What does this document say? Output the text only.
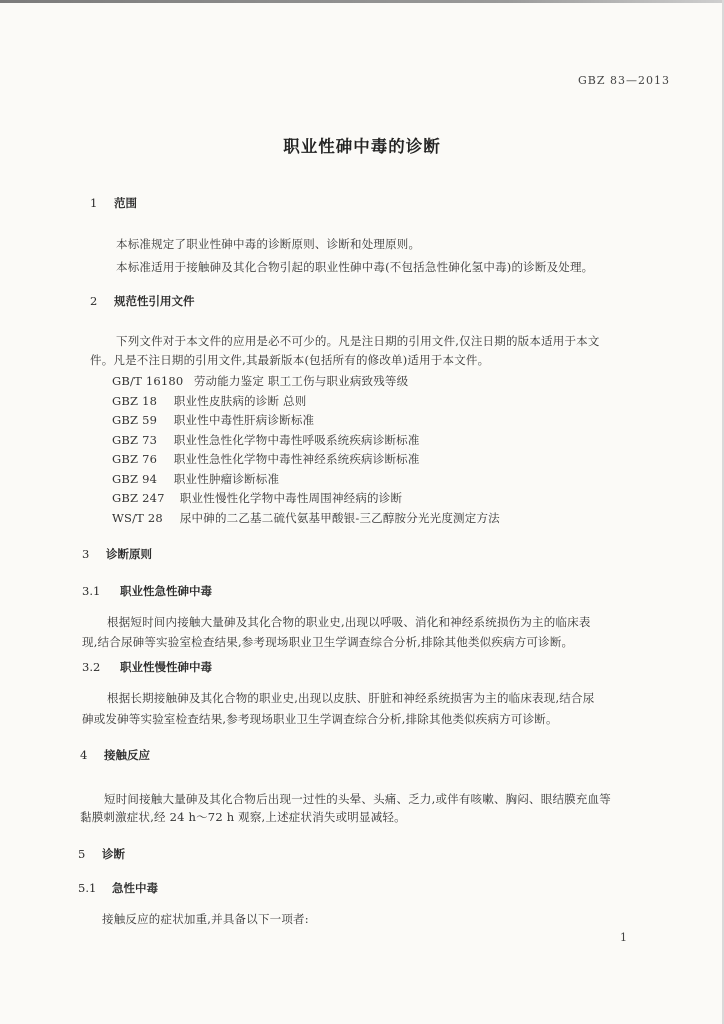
GBZ 83—2013
职业性砷中毒的诊断
1 范围
本标准规定了职业性砷中毒的诊断原则、诊断和处理原则。
本标准适用于接触砷及其化合物引起的职业性砷中毒(不包括急性砷化氢中毒)的诊断及处理。
2 规范性引用文件
下列文件对于本文件的应用是必不可少的。凡是注日期的引用文件,仅注日期的版本适用于本文
件。凡是不注日期的引用文件,其最新版本(包括所有的修改单)适用于本文件。
GB/T 16180 劳动能力鉴定 职工工伤与职业病致残等级
GBZ 18 职业性皮肤病的诊断 总则
GBZ 59 职业性中毒性肝病诊断标准
GBZ 73 职业性急性化学物中毒性呼吸系统疾病诊断标准
GBZ 76 职业性急性化学物中毒性神经系统疾病诊断标准
GBZ 94 职业性肿瘤诊断标准
GBZ 247 职业性慢性化学物中毒性周围神经病的诊断
WS/T 28 尿中砷的二乙基二硫代氨基甲酸银-三乙醇胺分光光度测定方法
3 诊断原则
3.1 职业性急性砷中毒
根据短时间内接触大量砷及其化合物的职业史,出现以呼吸、消化和神经系统损伤为主的临床表
现,结合尿砷等实验室检查结果,参考现场职业卫生学调查综合分析,排除其他类似疾病方可诊断。
3.2 职业性慢性砷中毒
根据长期接触砷及其化合物的职业史,出现以皮肤、肝脏和神经系统损害为主的临床表现,结合尿
砷或发砷等实验室检查结果,参考现场职业卫生学调查综合分析,排除其他类似疾病方可诊断。
4 接触反应
短时间接触大量砷及其化合物后出现一过性的头晕、头痛、乏力,或伴有咳嗽、胸闷、眼结膜充血等
黏膜刺激症状,经 24 h～72 h 观察,上述症状消失或明显减轻。
5 诊断
5.1 急性中毒
接触反应的症状加重,并具备以下一项者:
1
